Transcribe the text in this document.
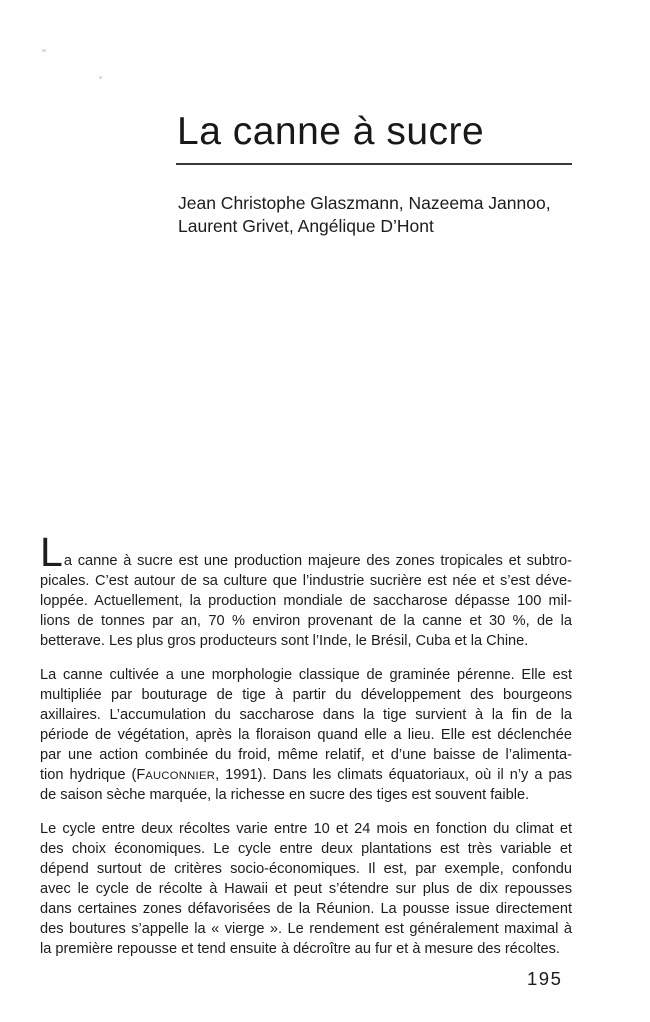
La canne à sucre
Jean Christophe Glaszmann, Nazeema Jannoo,
Laurent Grivet, Angélique D’Hont
La canne à sucre est une production majeure des zones tropicales et subtro-
picales. C’est autour de sa culture que l’industrie sucrière est née et s’est déve-
loppée. Actuellement, la production mondiale de saccharose dépasse 100 mil-
lions de tonnes par an, 70 % environ provenant de la canne et 30 %, de la
betterave. Les plus gros producteurs sont l’Inde, le Brésil, Cuba et la Chine.
La canne cultivée a une morphologie classique de graminée pérenne. Elle est
multipliée par bouturage de tige à partir du développement des bourgeons
axillaires. L’accumulation du saccharose dans la tige survient à la fin de la
période de végétation, après la floraison quand elle a lieu. Elle est déclenchée
par une action combinée du froid, même relatif, et d’une baisse de l’alimenta-
tion hydrique (FAUCONNIER, 1991). Dans les climats équatoriaux, où il n’y a pas
de saison sèche marquée, la richesse en sucre des tiges est souvent faible.
Le cycle entre deux récoltes varie entre 10 et 24 mois en fonction du climat et
des choix économiques. Le cycle entre deux plantations est très variable et
dépend surtout de critères socio-économiques. Il est, par exemple, confondu
avec le cycle de récolte à Hawaii et peut s’étendre sur plus de dix repousses
dans certaines zones défavorisées de la Réunion. La pousse issue directement
des boutures s’appelle la « vierge ». Le rendement est généralement maximal à
la première repousse et tend ensuite à décroître au fur et à mesure des récoltes.
195
